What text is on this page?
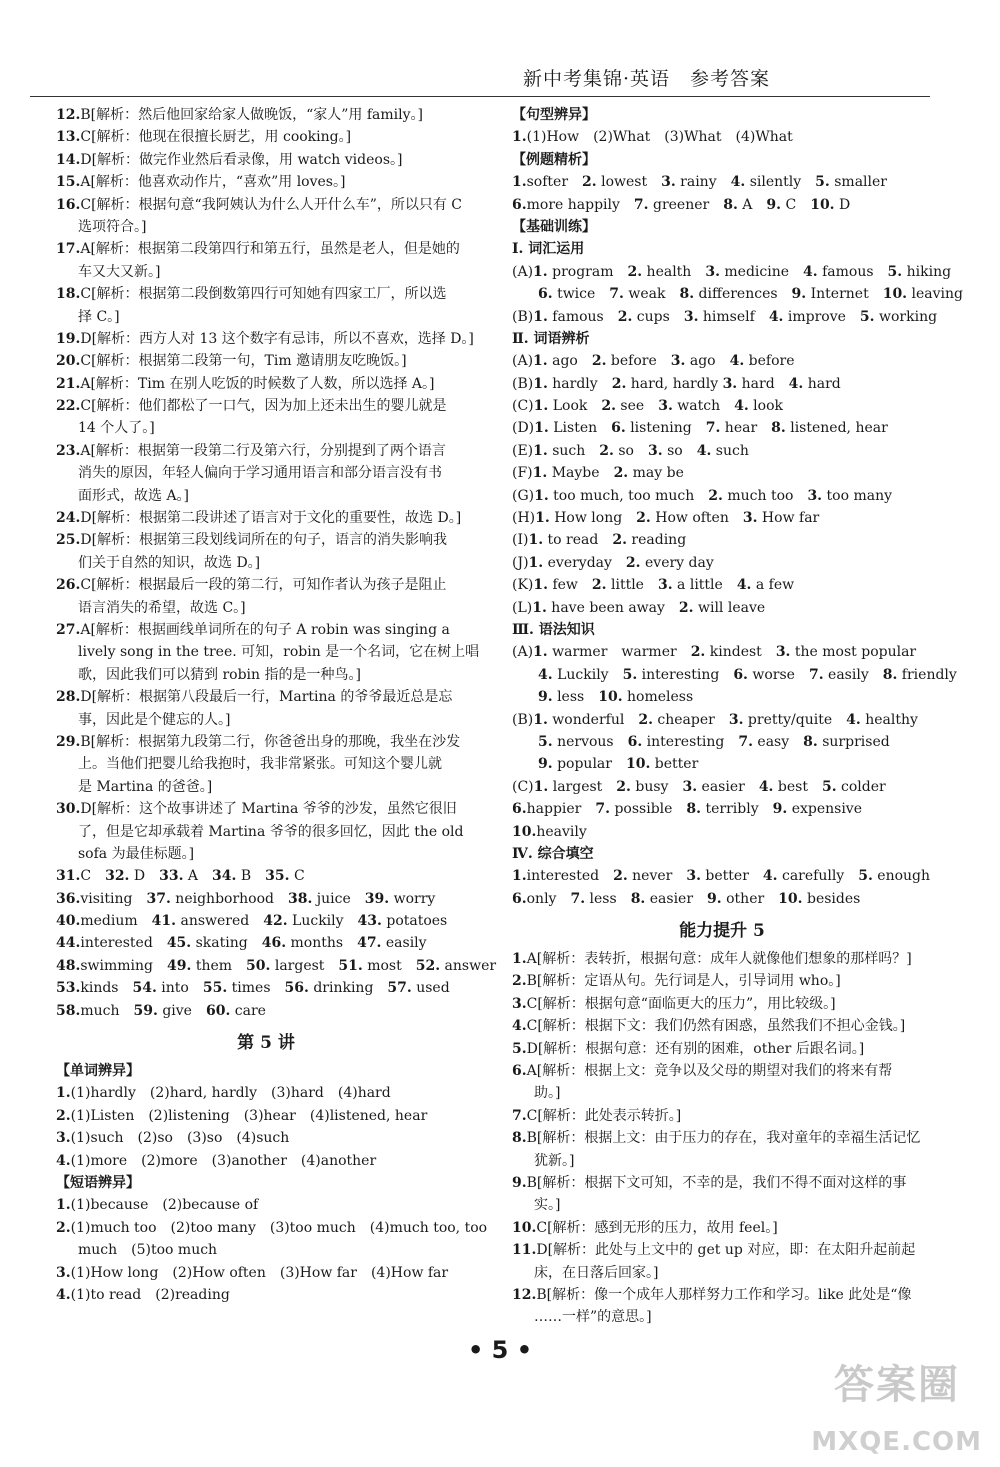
新中考集锦·英语　参考答案
12.B[解析：然后他回家给家人做晚饭，“家人”用 family。]
13.C[解析：他现在很擅长厨艺，用 cooking。]
14.D[解析：做完作业然后看录像，用 watch videos。]
15.A[解析：他喜欢动作片，“喜欢”用 loves。]
16.C[解析：根据句意“我阿姨认为什么人开什么车”，所以只有 C
选项符合。]
17.A[解析：根据第二段第四行和第五行，虽然是老人，但是她的
车又大又新。]
18.C[解析：根据第二段倒数第四行可知她有四家工厂，所以选
择 C。]
19.D[解析：西方人对 13 这个数字有忌讳，所以不喜欢，选择 D。]
20.C[解析：根据第二段第一句，Tim 邀请朋友吃晚饭。]
21.A[解析：Tim 在别人吃饭的时候数了人数，所以选择 A。]
22.C[解析：他们都松了一口气，因为加上还未出生的婴儿就是
14 个人了。]
23.A[解析：根据第一段第二行及第六行，分别提到了两个语言
消失的原因，年轻人偏向于学习通用语言和部分语言没有书
面形式，故选 A。]
24.D[解析：根据第二段讲述了语言对于文化的重要性，故选 D。]
25.D[解析：根据第三段划线词所在的句子，语言的消失影响我
们关于自然的知识，故选 D。]
26.C[解析：根据最后一段的第二行，可知作者认为孩子是阻止
语言消失的希望，故选 C。]
27.A[解析：根据画线单词所在的句子 A robin was singing a
lively song in the tree. 可知，robin 是一个名词，它在树上唱
歌，因此我们可以猜到 robin 指的是一种鸟。]
28.D[解析：根据第八段最后一行，Martina 的爷爷最近总是忘
事，因此是个健忘的人。]
29.B[解析：根据第九段第二行，你爸爸出身的那晚，我坐在沙发
上。当他们把婴儿给我抱时，我非常紧张。可知这个婴儿就
是 Martina 的爸爸。]
30.D[解析：这个故事讲述了 Martina 爷爷的沙发，虽然它很旧
了，但是它却承载着 Martina 爷爷的很多回忆，因此 the old
sofa 为最佳标题。]
31.C　32. D　33. A　34. B　35. C
36.visiting　37. neighborhood　38. juice　39. worry
40.medium　41. answered　42. Luckily　43. potatoes
44.interested　45. skating　46. months　47. easily
48.swimming　49. them　50. largest　51. most　52. answer
53.kinds　54. into　55. times　56. drinking　57. used
58.much　59. give　60. care
第 5 讲
【单词辨异】
1.(1)hardly　(2)hard, hardly　(3)hard　(4)hard
2.(1)Listen　(2)listening　(3)hear　(4)listened, hear
3.(1)such　(2)so　(3)so　(4)such
4.(1)more　(2)more　(3)another　(4)another
【短语辨异】
1.(1)because　(2)because of
2.(1)much too　(2)too many　(3)too much　(4)much too, too
much　(5)too much
3.(1)How long　(2)How often　(3)How far　(4)How far
4.(1)to read　(2)reading
【句型辨异】
1.(1)How　(2)What　(3)What　(4)What
【例题精析】
1.softer　2. lowest　3. rainy　4. silently　5. smaller
6.more happily　7. greener　8. A　9. C　10. D
【基础训练】
Ⅰ. 词汇运用
(A)1. program　2. health　3. medicine　4. famous　5. hiking
6. twice　7. weak　8. differences　9. Internet　10. leaving
(B)1. famous　2. cups　3. himself　4. improve　5. working
Ⅱ. 词语辨析
(A)1. ago　2. before　3. ago　4. before
(B)1. hardly　2. hard, hardly 3. hard　4. hard
(C)1. Look　2. see　3. watch　4. look
(D)1. Listen　6. listening　7. hear　8. listened, hear
(E)1. such　2. so　3. so　4. such
(F)1. Maybe　2. may be
(G)1. too much, too much　2. much too　3. too many
(H)1. How long　2. How often　3. How far
(I)1. to read　2. reading
(J)1. everyday　2. every day
(K)1. few　2. little　3. a little　4. a few
(L)1. have been away　2. will leave
Ⅲ. 语法知识
(A)1. warmer　warmer　2. kindest　3. the most popular
4. Luckily　5. interesting　6. worse　7. easily　8. friendly
9. less　10. homeless
(B)1. wonderful　2. cheaper　3. pretty/quite　4. healthy
5. nervous　6. interesting　7. easy　8. surprised
9. popular　10. better
(C)1. largest　2. busy　3. easier　4. best　5. colder
6.happier　7. possible　8. terribly　9. expensive
10.heavily
Ⅳ. 综合填空
1.interested　2. never　3. better　4. carefully　5. enough
6.only　7. less　8. easier　9. other　10. besides
能力提升 5
1.A[解析：表转折，根据句意：成年人就像他们想象的那样吗？]
2.B[解析：定语从句。先行词是人，引导词用 who。]
3.C[解析：根据句意“面临更大的压力”，用比较级。]
4.C[解析：根据下文：我们仍然有困惑，虽然我们不担心金钱。]
5.D[解析：根据句意：还有别的困难，other 后跟名词。]
6.A[解析：根据上文：竞争以及父母的期望对我们的将来有帮
助。]
7.C[解析：此处表示转折。]
8.B[解析：根据上文：由于压力的存在，我对童年的幸福生活记忆
犹新。]
9.B[解析：根据下文可知，不幸的是，我们不得不面对这样的事
实。]
10.C[解析：感到无形的压力，故用 feel。]
11.D[解析：此处与上文中的 get up 对应，即：在太阳升起前起
床，在日落后回家。]
12.B[解析：像一个成年人那样努力工作和学习。like 此处是“像
……一样”的意思。]
• 5 •
答案圈
MXQE.COM
